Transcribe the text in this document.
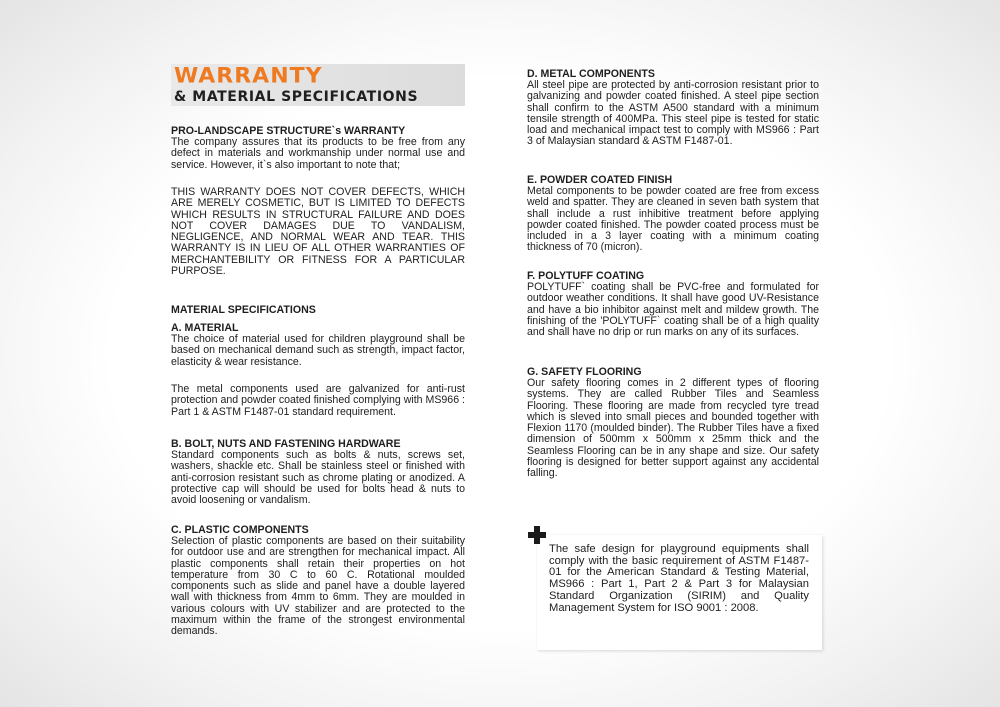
WARRANTY
& MATERIAL SPECIFICATIONS
PRO-LANDSCAPE STRUCTURE`s WARRANTY
The company assures that its products to be free from any defect in materials and workmanship under normal use and service. However, it`s also important to note that;
THIS WARRANTY DOES NOT COVER DEFECTS, WHICH ARE MERELY COSMETIC, BUT IS LIMITED TO DEFECTS WHICH RESULTS IN STRUCTURAL FAILURE AND DOES NOT COVER DAMAGES DUE TO VANDALISM, NEGLIGENCE, AND NORMAL WEAR AND TEAR. THIS WARRANTY IS IN LIEU OF ALL OTHER WARRANTIES OF MERCHANTEBILITY OR FITNESS FOR A PARTICULAR PURPOSE.
MATERIAL SPECIFICATIONS
A. MATERIAL
The choice of material used for children playground shall be based on mechanical demand such as strength, impact factor, elasticity & wear resistance.
The metal components used are galvanized for anti-rust protection and powder coated finished complying with MS966 : Part 1 & ASTM F1487-01 standard requirement.
B. BOLT, NUTS AND FASTENING HARDWARE
Standard components such as bolts & nuts, screws set, washers, shackle etc. Shall be stainless steel or finished with anti-corrosion resistant such as chrome plating or anodized. A protective cap will should be used for bolts head & nuts to avoid loosening or vandalism.
C. PLASTIC COMPONENTS
Selection of plastic components are based on their suitability for outdoor use and are strengthen for mechanical impact. All plastic components shall retain their properties on hot temperature from 30 C to 60 C. Rotational moulded components such as slide and panel have a double layered wall with thickness from 4mm to 6mm. They are moulded in various colours with UV stabilizer and are protected to the maximum within the frame of the strongest environmental demands.
D. METAL COMPONENTS
All steel pipe are protected by anti-corrosion resistant prior to galvanizing and powder coated finished. A steel pipe section shall confirm to the ASTM A500 standard with a minimum tensile strength of 400MPa. This steel pipe is tested for static load and mechanical impact test to comply with MS966 : Part 3 of Malaysian standard & ASTM F1487-01.
E. POWDER COATED FINISH
Metal components to be powder coated are free from excess weld and spatter. They are cleaned in seven bath system that shall include a rust inhibitive treatment before applying powder coated finished. The powder coated process must be included in a 3 layer coating with a minimum coating thickness of 70 (micron).
F. POLYTUFF COATING
POLYTUFF` coating shall be PVC-free and formulated for outdoor weather conditions. It shall have good UV-Resistance and have a bio inhibitor against melt and mildew growth. The finishing of the 'POLYTUFF` coating shall be of a high quality and shall have no drip or run marks on any of its surfaces.
G. SAFETY FLOORING
Our safety flooring comes in 2 different types of flooring systems. They are called Rubber Tiles and Seamless Flooring. These flooring are made from recycled tyre tread which is sleved into small pieces and bounded together with Flexion 1170 (moulded binder). The Rubber Tiles have a fixed dimension of 500mm x 500mm x 25mm thick and the Seamless Flooring can be in any shape and size. Our safety flooring is designed for better support against any accidental falling.
The safe design for playground equipments shall comply with the basic requirement of ASTM F1487-01 for the American Standard & Testing Material, MS966 : Part 1, Part 2 & Part 3 for Malaysian Standard Organization (SIRIM) and Quality Management System for ISO 9001 : 2008.
